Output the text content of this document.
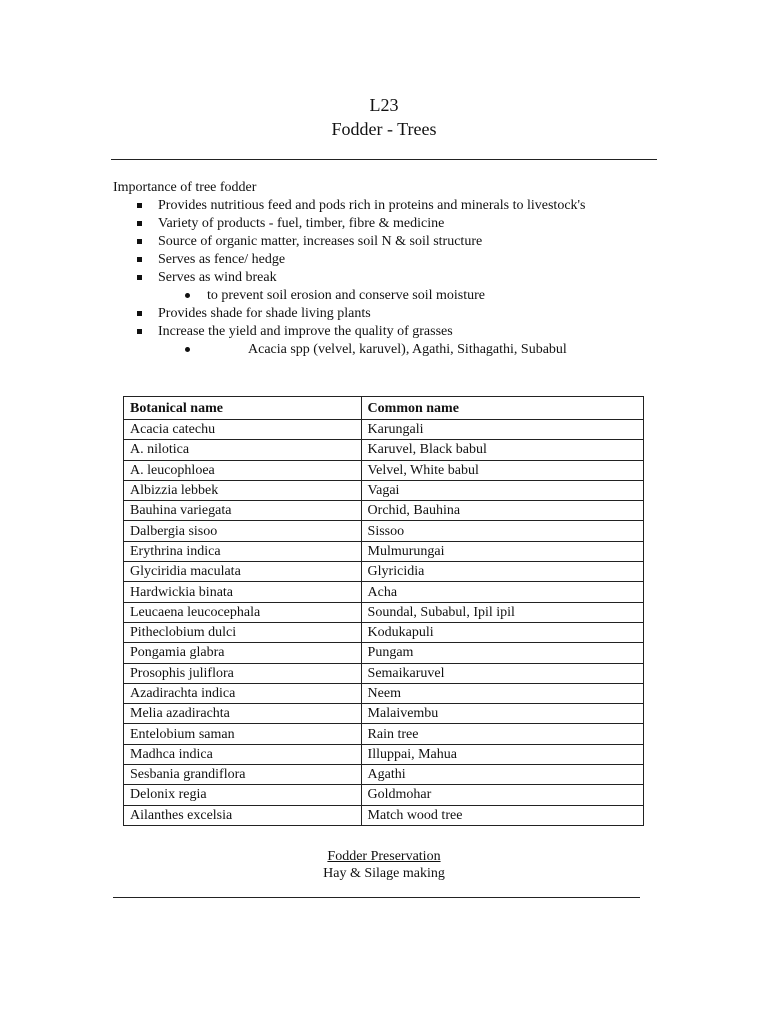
L23
Fodder - Trees
Importance of tree fodder
Provides nutritious feed and pods rich in proteins and minerals to livestock's
Variety of products - fuel, timber, fibre & medicine
Source of organic matter, increases soil N & soil structure
Serves as fence/ hedge
Serves as wind break
to prevent soil erosion and conserve soil moisture
Provides shade for shade living plants
Increase the yield and improve the quality of grasses
Acacia spp (velvel, karuvel), Agathi, Sithagathi, Subabul
Botanical name	Common name
Acacia catechu	Karungali
A. nilotica	Karuvel, Black babul
A. leucophloea	Velvel, White babul
Albizzia lebbek	Vagai
Bauhina variegata	Orchid, Bauhina
Dalbergia sisoo	Sissoo
Erythrina indica	Mulmurungai
Glyciridia maculata	Glyricidia
Hardwickia binata	Acha
Leucaena leucocephala	Soundal, Subabul, Ipil ipil
Pitheclobium dulci	Kodukapuli
Pongamia glabra	Pungam
Prosophis juliflora	Semaikaruvel
Azadirachta indica	Neem
Melia azadirachta	Malaivembu
Entelobium saman	Rain tree
Madhca indica	Illuppai, Mahua
Sesbania grandiflora	Agathi
Delonix regia	Goldmohar
Ailanthes excelsia	Match wood tree
Fodder Preservation
Hay & Silage making
